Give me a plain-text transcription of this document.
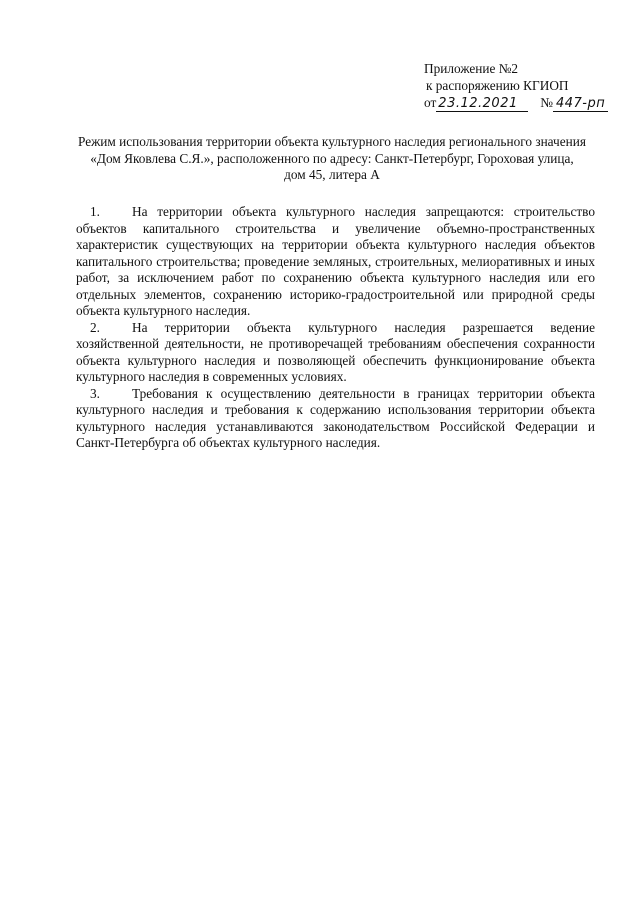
Приложение №2
к распоряжению КГИОП
от 23.12.2021 № 447-рп
Режим использования территории объекта культурного наследия регионального значения
«Дом Яковлева С.Я.», расположенного по адресу: Санкт-Петербург, Гороховая улица,
дом 45, литера А

1. На территории объекта культурного наследия запрещаются: строительство объектов капитального строительства и увеличение объемно-пространственных характеристик существующих на территории объекта культурного наследия объектов капитального строительства; проведение земляных, строительных, мелиоративных и иных работ, за исключением работ по сохранению объекта культурного наследия или его отдельных элементов, сохранению историко-градостроительной или природной среды объекта культурного наследия.

2. На территории объекта культурного наследия разрешается ведение хозяйственной деятельности, не противоречащей требованиям обеспечения сохранности объекта культурного наследия и позволяющей обеспечить функционирование объекта культурного наследия в современных условиях.

3. Требования к осуществлению деятельности в границах территории объекта культурного наследия и требования к содержанию использования территории объекта культурного наследия устанавливаются законодательством Российской Федерации и Санкт-Петербурга об объектах культурного наследия.
